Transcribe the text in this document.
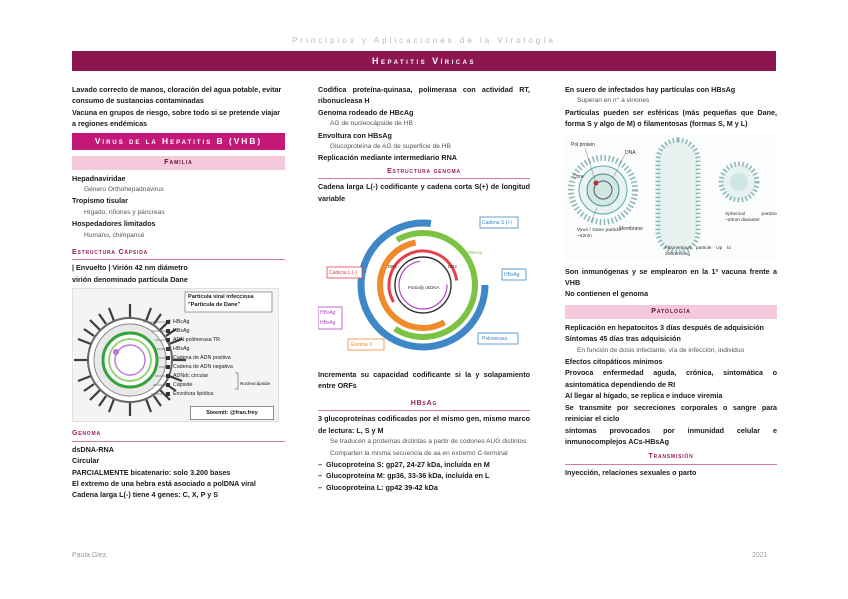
Principios y Aplicaciones de la Virología
Hepatitis Víricas

Lavado correcto de manos, cloración del agua potable, evitar consumo de sustancias contaminadas

Vacuna en grupos de riesgo, sobre todo si se pretende viajar a regiones endémicas

Virus de la Hepatitis B (VHB)
Familia

Hepadnaviridae

Género Orthohepadnavirus

Tropismo tisular

Hígado, riñones y páncreas

Hospedadores limitados

Humano, chimpancé

Estructura Cápsida

| Envuelto | Virión 42 nm diámetro

virión denominado partícula Dane

Partícula viral infecciosa
"Partícula de Dane"
HBcAg
HBsAg
ADN polimerasa TR
HBsAg
Cadena de ADN positiva
Cadena de ADN negativa
ADNdc circular
Cápside
Envoltura lipídica
Nucleocápside
Steemit: @fran.frey
Genoma

dsDNA-RNA

Circular

PARCIALMENTE bicatenario: solo 3.200 bases

El extremo de una hebra está asociado a polDNA viral

Cadena larga L(-) tiene 4 genes: C, X, P y S

Codifica proteína-quinasa, polimerasa con actividad RT, ribonucleasa H

Genoma rodeado de HBcAg

AG de nucleocápside de HB

Envoltura con HBsAg

Glucoproteína de AG de superficie de HB

Replicación mediante intermediario RNA

Estructura genoma

Cadena larga L(-) codificante y cadena corta S(+) de longitud variable

Cadena S (+)
Cadena L (-)	HBsAg
HBsAg
HBsAg
Enzima X
Polimerasa
Partially dsDNA
DR1	DR2
HBsAg

Incrementa su capacidad codificante si la y solapamiento entre ORFs

HBsAg

3 glucoproteínas codificadas por el mismo gen, mismo marco de lectura: L, S y M

Se traducen a proteínas distintas a partir de codones AUG distintos

Comparten la misma secuencia de aa en extremo C-terminal

–  Glucoproteína S: gp27, 24-27 kDa, incluída en M

–  Glucoproteína M: gp36, 33-36 kDa, incluída en L

–  Glucoproteína L: gp42 39-42 kDa

En suero de infectados hay partículas con HBsAg

Superan en n° a viriones

Partículas pueden ser esféricas (más pequeñas que Dane, forma S y algo de M) o filamentosas (formas S, M y L)

Pol protein
DNA
Core
Membrane
Virus / Dane particle ~42nm
Filamentous particle Up to 200nm long
Spherical particle ~20nm diameter

Son inmunógenas y se emplearon en la 1ª vacuna frente a VHB

No contienen el genoma

Patología

Replicación en hepatocitos 3 días después de adquisición

Síntomas 45 días tras adquisición

En función de dosis infectante, vía de infección, individuo

Efectos citopáticos mínimos

Provoca enfermedad aguda, crónica, sintomática o asintomática dependiendo de RI

Al llegar al hígado, se replica e induce viremia

Se transmite por secreciones corporales o sangre para reiniciar el ciclo

síntomas provocados por inmunidad celular e inmunocomplejos ACs-HBsAg

Transmisión

Inyección, relaciones sexuales o parto

Paula Glez.	2021
